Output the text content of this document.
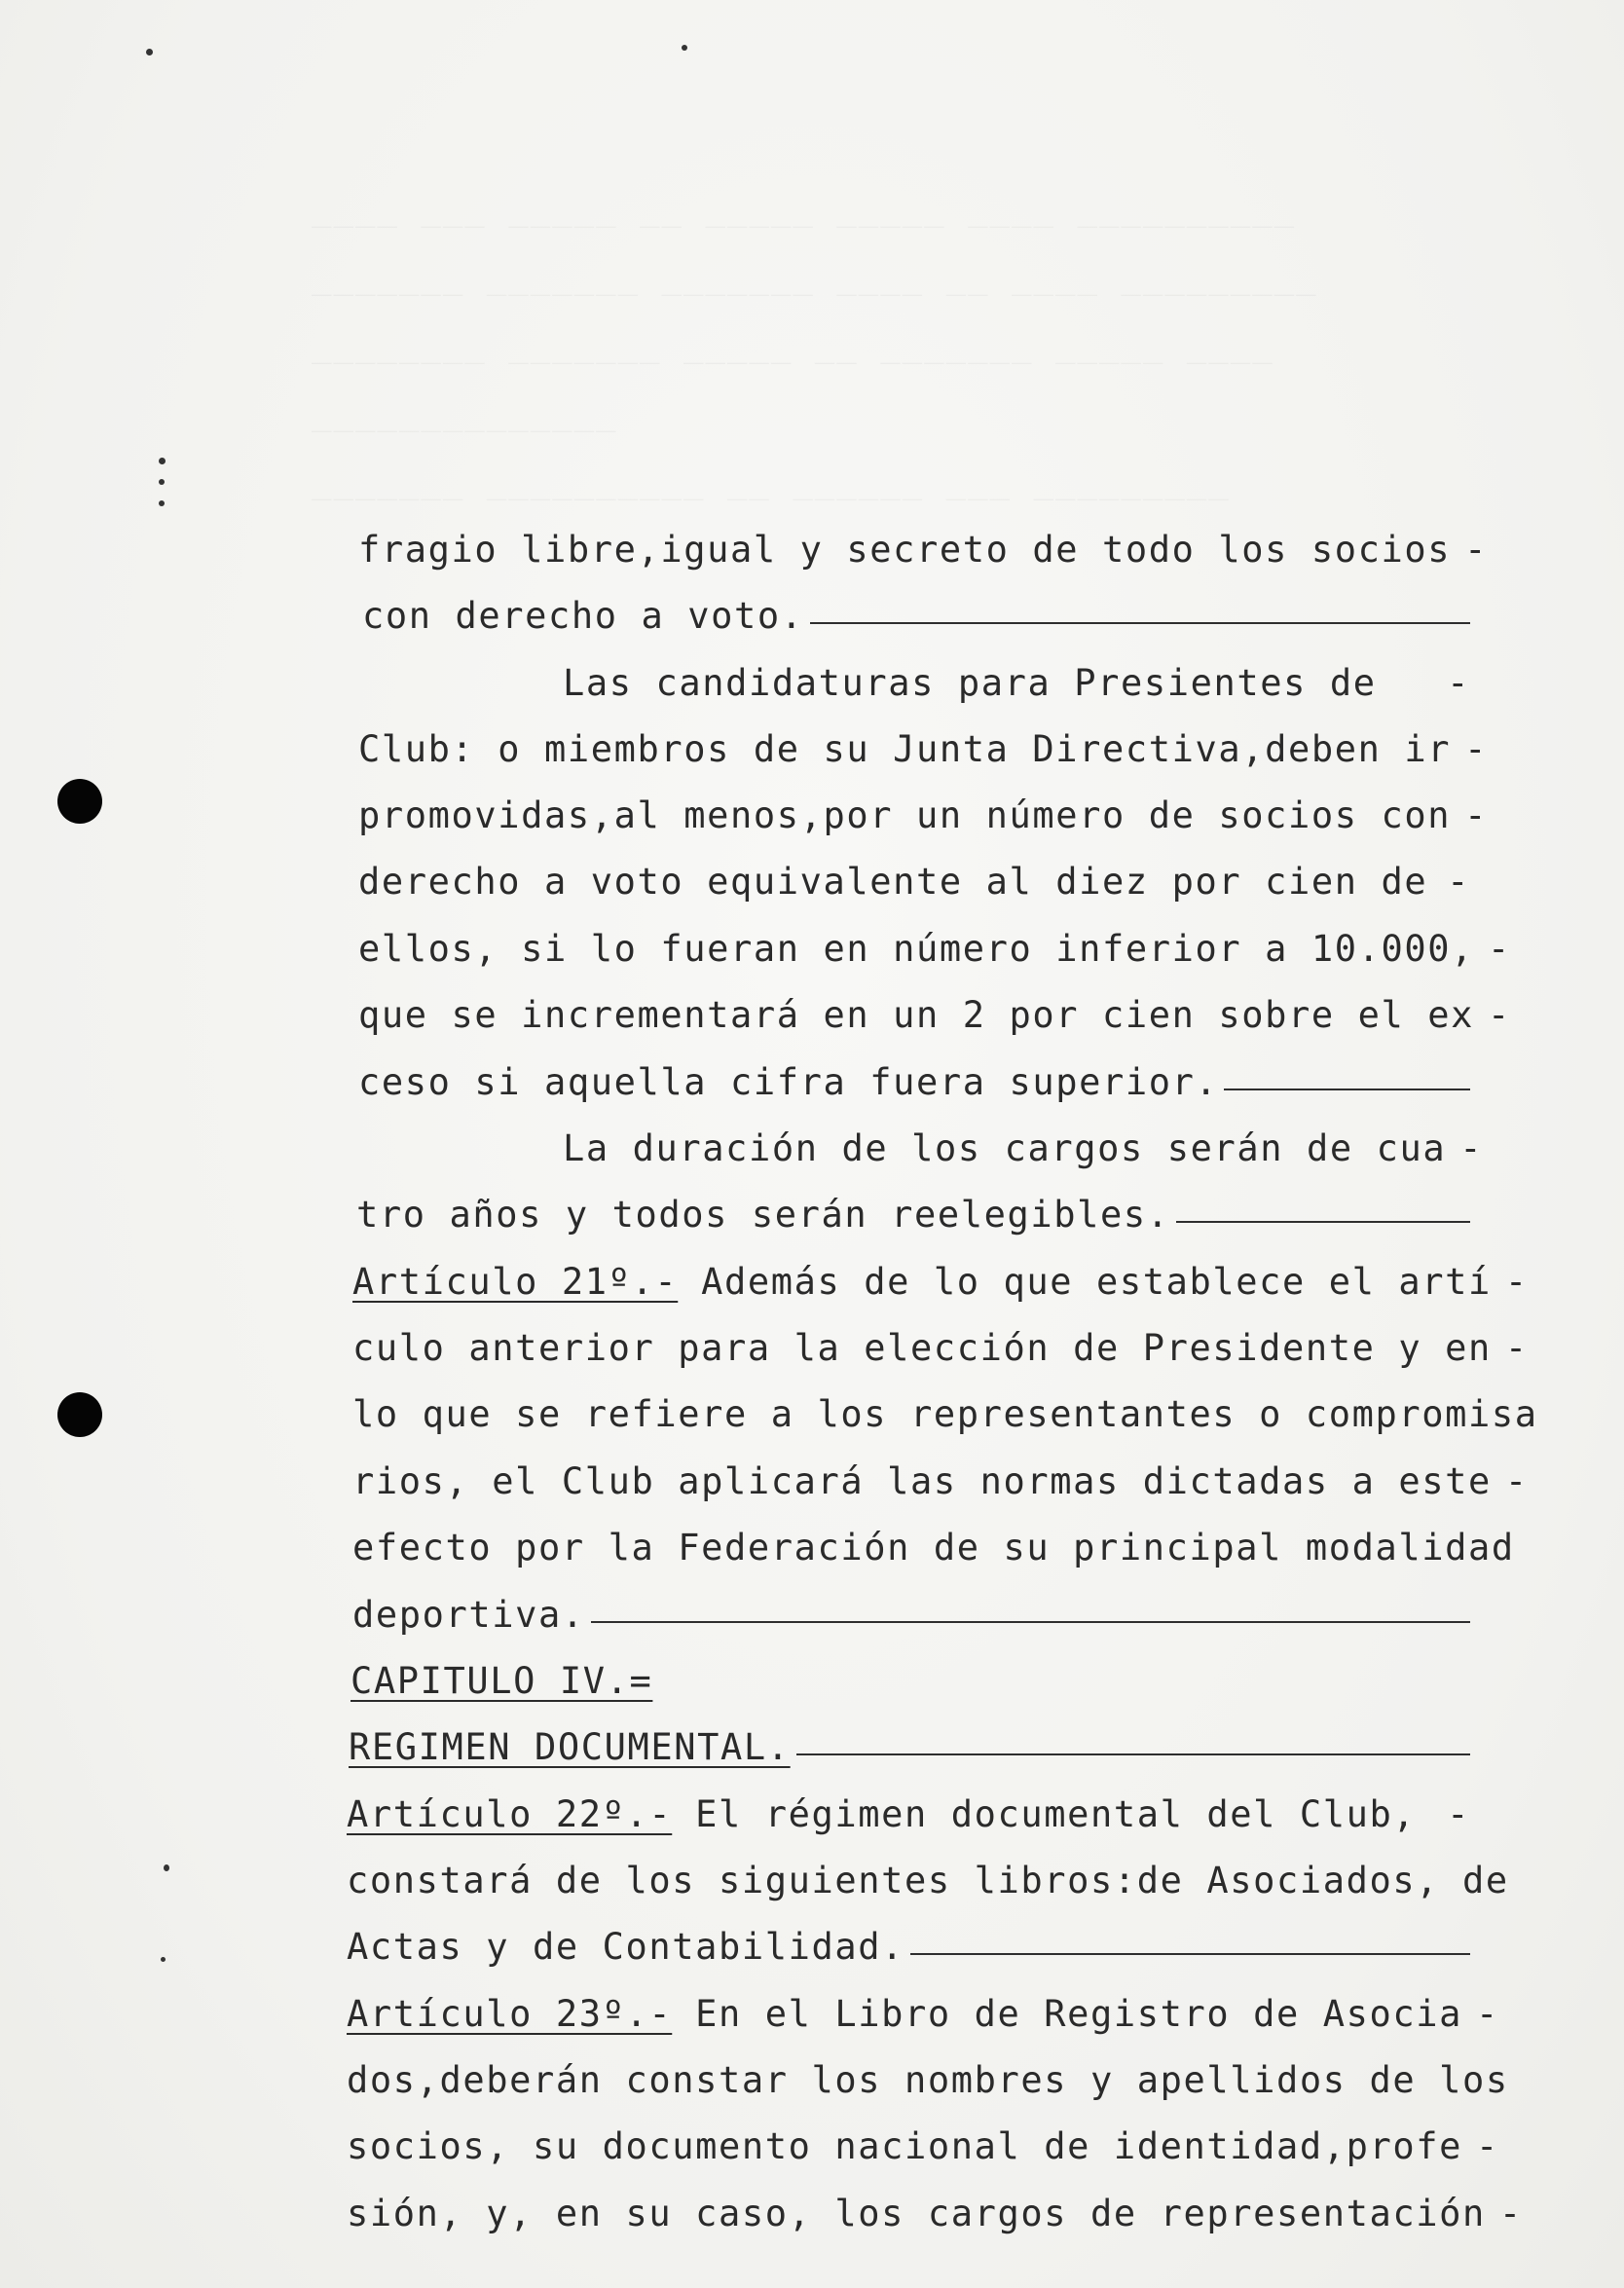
____ ___ _____ __ _____ _____ ____ __________
_______ _______ _______ ____ __ ____ _________
________ _______ _____ __ _______ _____ ____
______________
_______ __________ __ ______ ___ _________
fragio libre,igual y secreto de todo los socios -
con derecho a voto.
Las candidaturas para Presientes de	-
Club: o miembros de su Junta Directiva,deben ir -
promovidas,al menos,por un número de socios con -
derecho a voto equivalente al diez por cien de -
ellos, si lo fueran en número inferior a 10.000, -
que se incrementará en un 2 por cien sobre el ex -
ceso si aquella cifra fuera superior.
La duración de los cargos serán de cua -
tro años y todos serán reelegibles.
Artículo 21º.- Además de lo que establece el artí -
culo anterior para la elección de Presidente y en -
lo que se refiere a los representantes o compromisa
rios, el Club aplicará las normas dictadas a este -
efecto por la Federación de su principal modalidad
deportiva.
CAPITULO IV.=
REGIMEN DOCUMENTAL.
Artículo 22º.- El régimen documental del Club, -
constará de los siguientes libros:de Asociados, de
Actas y de Contabilidad.
Artículo 23º.- En el Libro de Registro de Asocia -
dos,deberán constar los nombres y apellidos de los
socios, su documento nacional de identidad,profe -
sión, y, en su caso, los cargos de representación -
